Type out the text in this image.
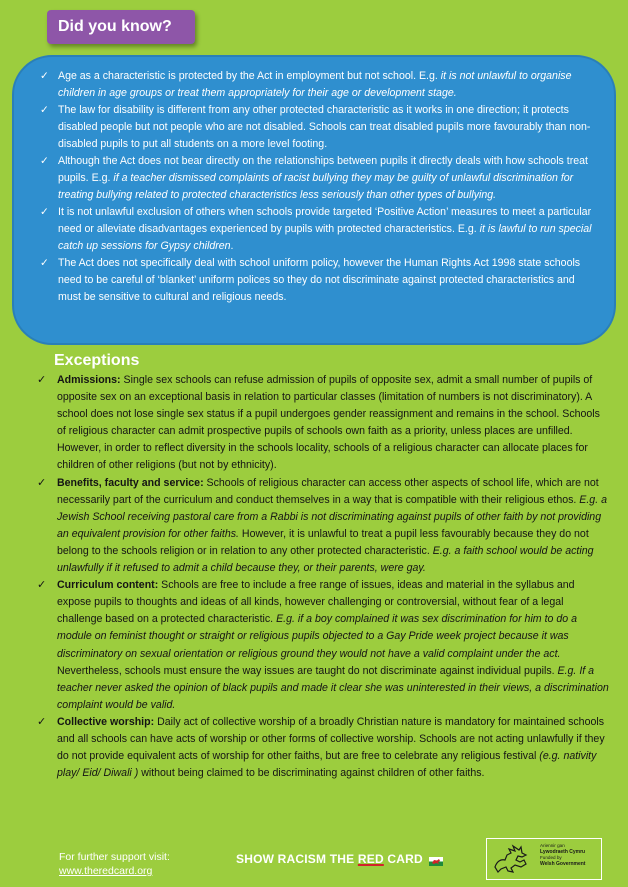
Did you know?
✓ Age as a characteristic is protected by the Act in employment but not school. E.g. it is not unlawful to organise children in age groups or treat them appropriately for their age or development stage.
✓ The law for disability is different from any other protected characteristic as it works in one direction; it protects disabled people but not people who are not disabled. Schools can treat disabled pupils more favourably than non-disabled pupils to put all students on a more level footing.
✓ Although the Act does not bear directly on the relationships between pupils it directly deals with how schools treat pupils. E.g. if a teacher dismissed complaints of racist bullying they may be guilty of unlawful discrimination for treating bullying related to protected characteristics less seriously than other types of bullying.
✓ It is not unlawful exclusion of others when schools provide targeted ‘Positive Action’ measures to meet a particular need or alleviate disadvantages experienced by pupils with protected characteristics. E.g. it is lawful to run special catch up sessions for Gypsy children.
✓ The Act does not specifically deal with school uniform policy, however the Human Rights Act 1998 state schools need to be careful of ‘blanket’ uniform polices so they do not discriminate against protected characteristics and must be sensitive to cultural and religious needs.
Exceptions
✓ Admissions: Single sex schools can refuse admission of pupils of opposite sex, admit a small number of pupils of opposite sex on an exceptional basis in relation to particular classes (limitation of numbers is not discriminatory). A school does not lose single sex status if a pupil undergoes gender reassignment and remains in the school. Schools of religious character can admit prospective pupils of schools own faith as a priority, unless places are unfilled. However, in order to reflect diversity in the schools locality, schools of a religious character can allocate places for children of other religions (but not by ethnicity).
✓ Benefits, faculty and service: Schools of religious character can access other aspects of school life, which are not necessarily part of the curriculum and conduct themselves in a way that is compatible with their religious ethos. E.g. a Jewish School receiving pastoral care from a Rabbi is not discriminating against pupils of other faith by not providing an equivalent provision for other faiths. However, it is unlawful to treat a pupil less favourably because they do not belong to the schools religion or in relation to any other protected characteristic. E.g. a faith school would be acting unlawfully if it refused to admit a child because they, or their parents, were gay.
✓ Curriculum content: Schools are free to include a free range of issues, ideas and material in the syllabus and expose pupils to thoughts and ideas of all kinds, however challenging or controversial, without fear of a legal challenge based on a protected characteristic. E.g. if a boy complained it was sex discrimination for him to do a module on feminist thought or straight or religious pupils objected to a Gay Pride week project because it was discriminatory on sexual orientation or religious ground they would not have a valid complaint under the act. Nevertheless, schools must ensure the way issues are taught do not discriminate against individual pupils. E.g. If a teacher never asked the opinion of black pupils and made it clear she was uninterested in their views, a discrimination complaint would be valid.
✓ Collective worship: Daily act of collective worship of a broadly Christian nature is mandatory for maintained schools and all schools can have acts of worship or other forms of collective worship. Schools are not acting unlawfully if they do not provide equivalent acts of worship for other faiths, but are free to celebrate any religious festival (e.g. nativity play/ Eid/ Diwali ) without being claimed to be discriminating against children of other faiths.
For further support visit:
www.theredcard.org
SHOW RACISM THE RED CARD
Ariennir gan
Lywodraeth Cymru
Funded by
Welsh Government
